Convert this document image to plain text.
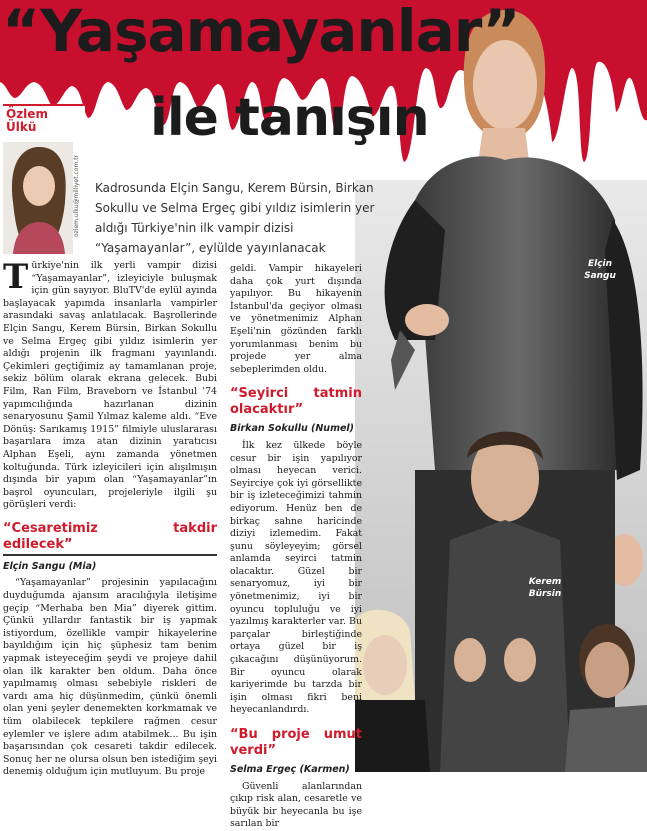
“Yaşamayanlar”
ile tanışın
Özlem
Ülkü
ozlem.ulku@milliyet.com.tr	Kadrosunda Elçin Sangu, Kerem Bürsin, Birkan Sokullu ve Selma Ergeç gibi yıldız isimlerin yer aldığı Türkiye'nin ilk vampir dizisi “Yaşamayanlar”, eylülde yayınlanacak

Türkiye'nin ilk yerli vampir dizisi “Yaşamayanlar”, izleyiciyle buluşmak için gün sayıyor. BluTV'de eylül ayında başlayacak yapımda insanlarla vampirler arasındaki savaş anlatılacak. Başrollerinde Elçin Sangu, Kerem Bürsin, Birkan Sokullu ve Selma Ergeç gibi yıldız isimlerin yer aldığı projenin ilk fragmanı yayınlandı. Çekimleri geçtiğimiz ay tamamlanan proje, sekiz bölüm olarak ekrana gelecek. Bubi Film, Ran Film, Braveborn ve İstanbul '74 yapımcılığında hazırlanan dizinin senaryosunu Şamil Yılmaz kaleme aldı. “Eve Dönüş: Sarıkamış 1915” filmiyle uluslararası başarılara imza atan dizinin yaratıcısı Alphan Eşeli, aynı zamanda yönetmen koltuğunda. Türk izleyicileri için alışılmışın dışında bir yapım olan “Yaşamayanlar”ın başrol oyuncuları, projeleriyle ilgili şu görüşleri verdi:

“Cesaretimiz takdir edilecek”
Elçin Sangu (Mia)

“Yaşamayanlar” projesinin yapılacağını duyduğumda ajansım aracılığıyla iletişime geçip “Merhaba ben Mia” diyerek gittim. Çünkü yıllardır fantastik bir iş yapmak istiyordum, özellikle vampir hikayelerine bayıldığım için hiç şüphesiz tam benim yapmak isteyeceğim şeydi ve projeye dahil olan ilk karakter ben oldum. Daha önce yapılmamış olması sebebiyle riskleri de vardı ama hiç düşünmedim, çünkü önemli olan yeni şeyler denemekten korkmamak ve tüm olabilecek tepkilere rağmen cesur eylemler ve işlere adım atabilmek... Bu işin başarısından çok cesareti takdir edilecek. Sonuç her ne olursa olsun ben istediğim şeyi denemiş olduğum için mutluyum. Bu proje

geldi. Vampir hikayeleri daha çok yurt dışında yapılıyor. Bu hikayenin İstanbul'da geçiyor olması ve yönetmenimiz Alphan Eşeli'nin gözünden farklı yorumlanması benim bu projede yer alma sebeplerimden oldu.

“Seyirci tatmin olacaktır”
Birkan Sokullu (Numel)

İlk kez ülkede böyle cesur bir işin yapılıyor olması heyecan verici. Seyirciye çok iyi görsellikte bir iş izleteceğimizi tahmin ediyorum. Henüz ben de birkaç sahne haricinde diziyi izlemedim. Fakat şunu söyleyeyim; görsel anlamda seyirci tatmin olacaktır. Güzel bir senaryomuz, iyi bir yönetmenimiz, iyi bir oyuncu topluluğu ve iyi yazılmış karakterler var. Bu parçalar birleştiğinde ortaya güzel bir iş çıkacağını düşünüyorum. Bir oyuncu olarak kariyerimde bu tarzda bir işin olması fikri beni heyecanlandırdı.

“Bu proje umut verdi”
Selma Ergeç (Karmen)

Güvenli alanlarından çıkıp risk alan, cesaretle ve büyük bir heyecanla bu işe sarılan bir

Elçin
Sangu
Kerem
Bürsin
